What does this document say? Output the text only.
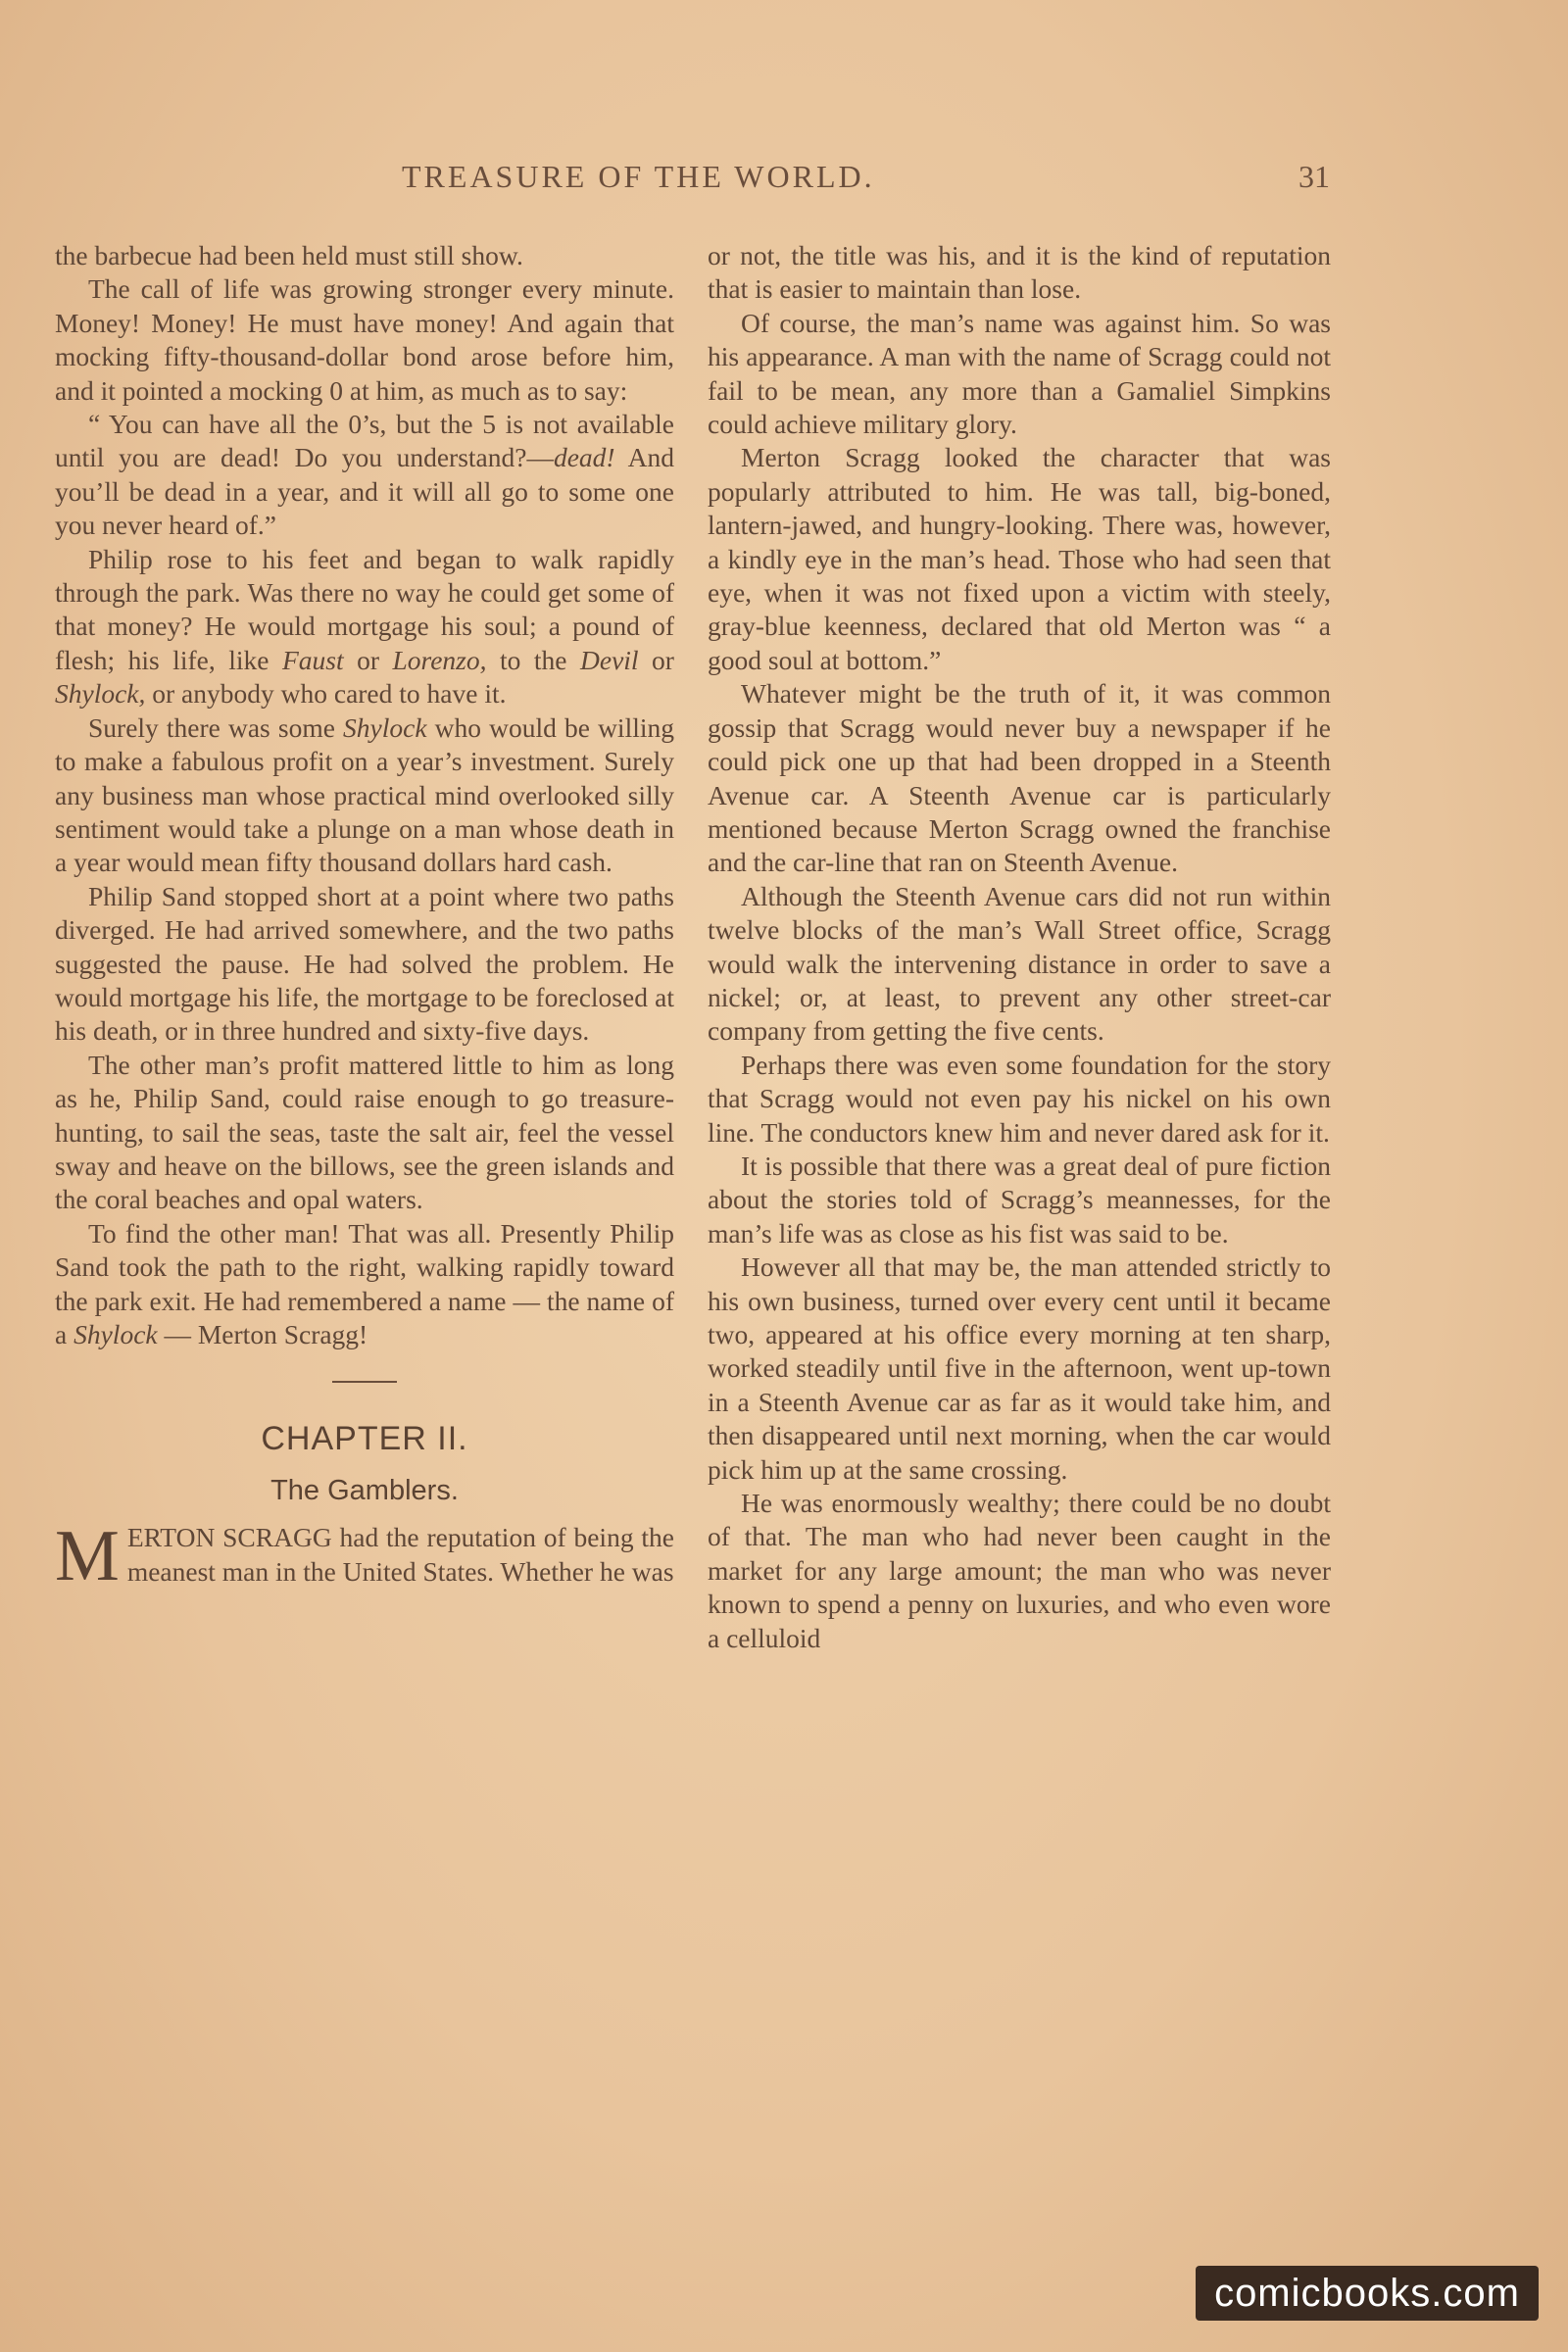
TREASURE OF THE WORLD.	31

the barbecue had been held must still show.

The call of life was growing stronger every minute. Money! Money! He must have money! And again that mocking fifty-thousand-dollar bond arose before him, and it pointed a mocking 0 at him, as much as to say:

“ You can have all the 0’s, but the 5 is not available until you are dead! Do you understand?—dead! And you’ll be dead in a year, and it will all go to some one you never heard of.”

Philip rose to his feet and began to walk rapidly through the park. Was there no way he could get some of that money? He would mortgage his soul; a pound of flesh; his life, like Faust or Lorenzo, to the Devil or Shylock, or anybody who cared to have it.

Surely there was some Shylock who would be willing to make a fabulous profit on a year’s investment. Surely any business man whose practical mind overlooked silly sentiment would take a plunge on a man whose death in a year would mean fifty thousand dollars hard cash.

Philip Sand stopped short at a point where two paths diverged. He had arrived somewhere, and the two paths suggested the pause. He had solved the problem. He would mortgage his life, the mortgage to be foreclosed at his death, or in three hundred and sixty-five days.

The other man’s profit mattered little to him as long as he, Philip Sand, could raise enough to go treasure-hunting, to sail the seas, taste the salt air, feel the vessel sway and heave on the billows, see the green islands and the coral beaches and opal waters.

To find the other man! That was all. Presently Philip Sand took the path to the right, walking rapidly toward the park exit. He had remembered a name — the name of a Shylock — Merton Scragg!

CHAPTER II.
The Gamblers.

MERTON SCRAGG had the reputation of being the meanest man in the United States. Whether he was

or not, the title was his, and it is the kind of reputation that is easier to maintain than lose.

Of course, the man’s name was against him. So was his appearance. A man with the name of Scragg could not fail to be mean, any more than a Gamaliel Simpkins could achieve military glory.

Merton Scragg looked the character that was popularly attributed to him. He was tall, big-boned, lantern-jawed, and hungry-looking. There was, however, a kindly eye in the man’s head. Those who had seen that eye, when it was not fixed upon a victim with steely, gray-blue keenness, declared that old Merton was “ a good soul at bottom.”

Whatever might be the truth of it, it was common gossip that Scragg would never buy a newspaper if he could pick one up that had been dropped in a Steenth Avenue car. A Steenth Avenue car is particularly mentioned because Merton Scragg owned the franchise and the car-line that ran on Steenth Avenue.

Although the Steenth Avenue cars did not run within twelve blocks of the man’s Wall Street office, Scragg would walk the intervening distance in order to save a nickel; or, at least, to prevent any other street-car company from getting the five cents.

Perhaps there was even some foundation for the story that Scragg would not even pay his nickel on his own line. The conductors knew him and never dared ask for it.

It is possible that there was a great deal of pure fiction about the stories told of Scragg’s meannesses, for the man’s life was as close as his fist was said to be.

However all that may be, the man attended strictly to his own business, turned over every cent until it became two, appeared at his office every morning at ten sharp, worked steadily until five in the afternoon, went up-town in a Steenth Avenue car as far as it would take him, and then disappeared until next morning, when the car would pick him up at the same crossing.

He was enormously wealthy; there could be no doubt of that. The man who had never been caught in the market for any large amount; the man who was never known to spend a penny on luxuries, and who even wore a celluloid

comicbooks.com
